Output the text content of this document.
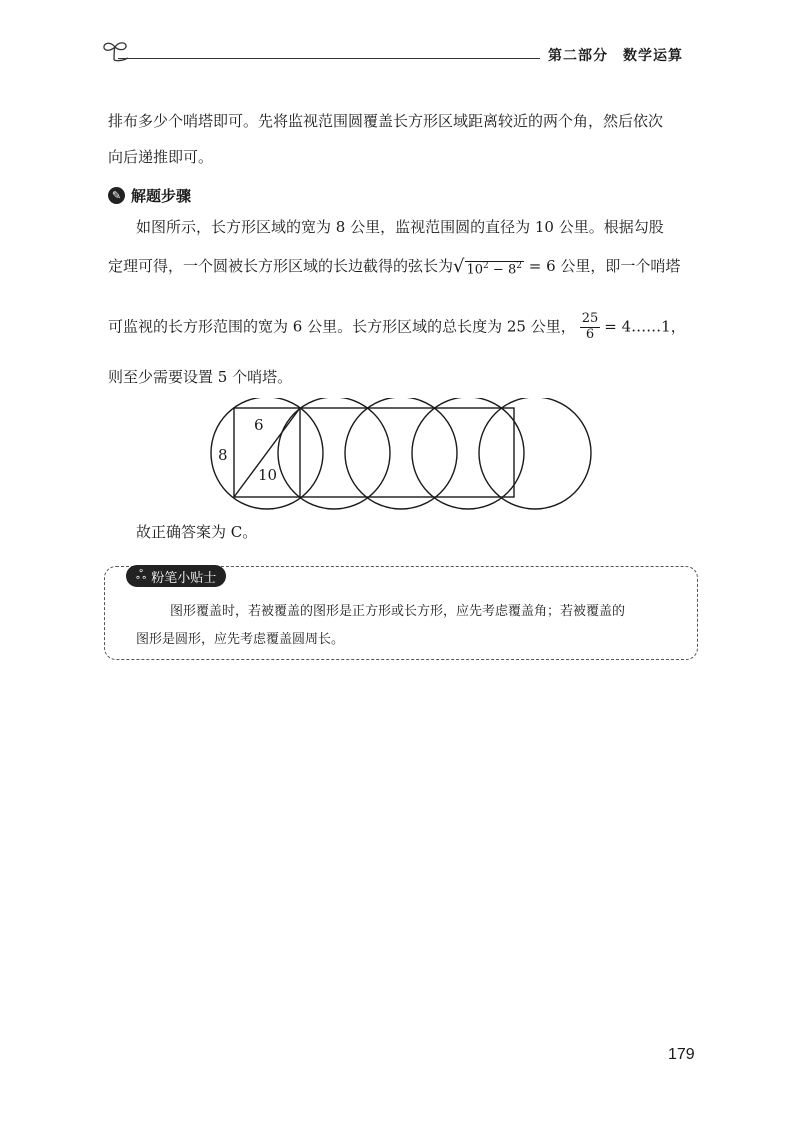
第二部分　数学运算
排布多少个哨塔即可。先将监视范围圆覆盖长方形区域距离较近的两个角，然后依次
向后递推即可。
✎ 解题步骤
如图所示，长方形区域的宽为 8 公里，监视范围圆的直径为 10 公里。根据勾股
定理可得，一个圆被长方形区域的长边截得的弦长为 √ $10^2 - 8^2 = 6$ 公里，即一个哨塔
可监视的长方形范围的宽为 6 公里。长方形区域的总长度为 25 公里， $\frac{25}{6}$ = 4……1，
则至少需要设置 5 个哨塔。
6
8
10
故正确答案为 C。
ஃ 粉笔小贴士
图形覆盖时，若被覆盖的图形是正方形或长方形，应先考虑覆盖角；若被覆盖的
图形是圆形，应先考虑覆盖圆周长。
179
